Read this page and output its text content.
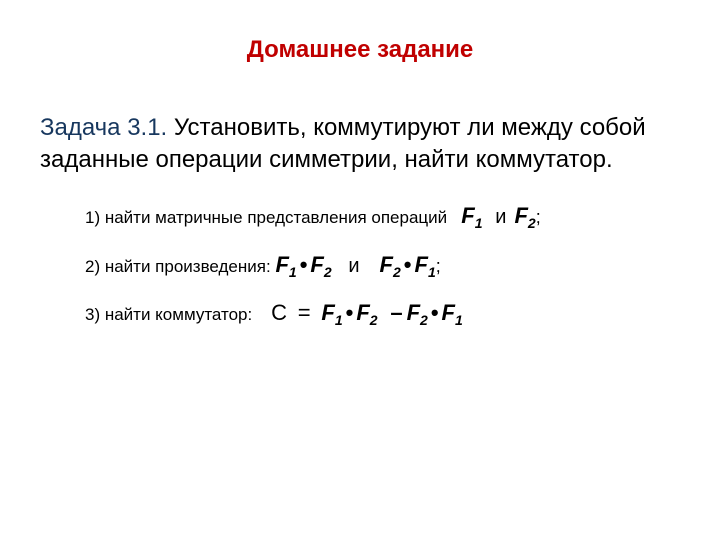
Домашнее задание
Задача 3.1. Установить, коммутируют ли между собой заданные операции симметрии, найти коммутатор.
1) найти матричные представления операций $F_1$ и $F_2$;
2) найти произведения: $F_1$ • $F_2$ и $F_2$ • $F_1$;
3) найти коммутатор: $С = F_1$ • $F_2 - F_2$ • $F_1$
